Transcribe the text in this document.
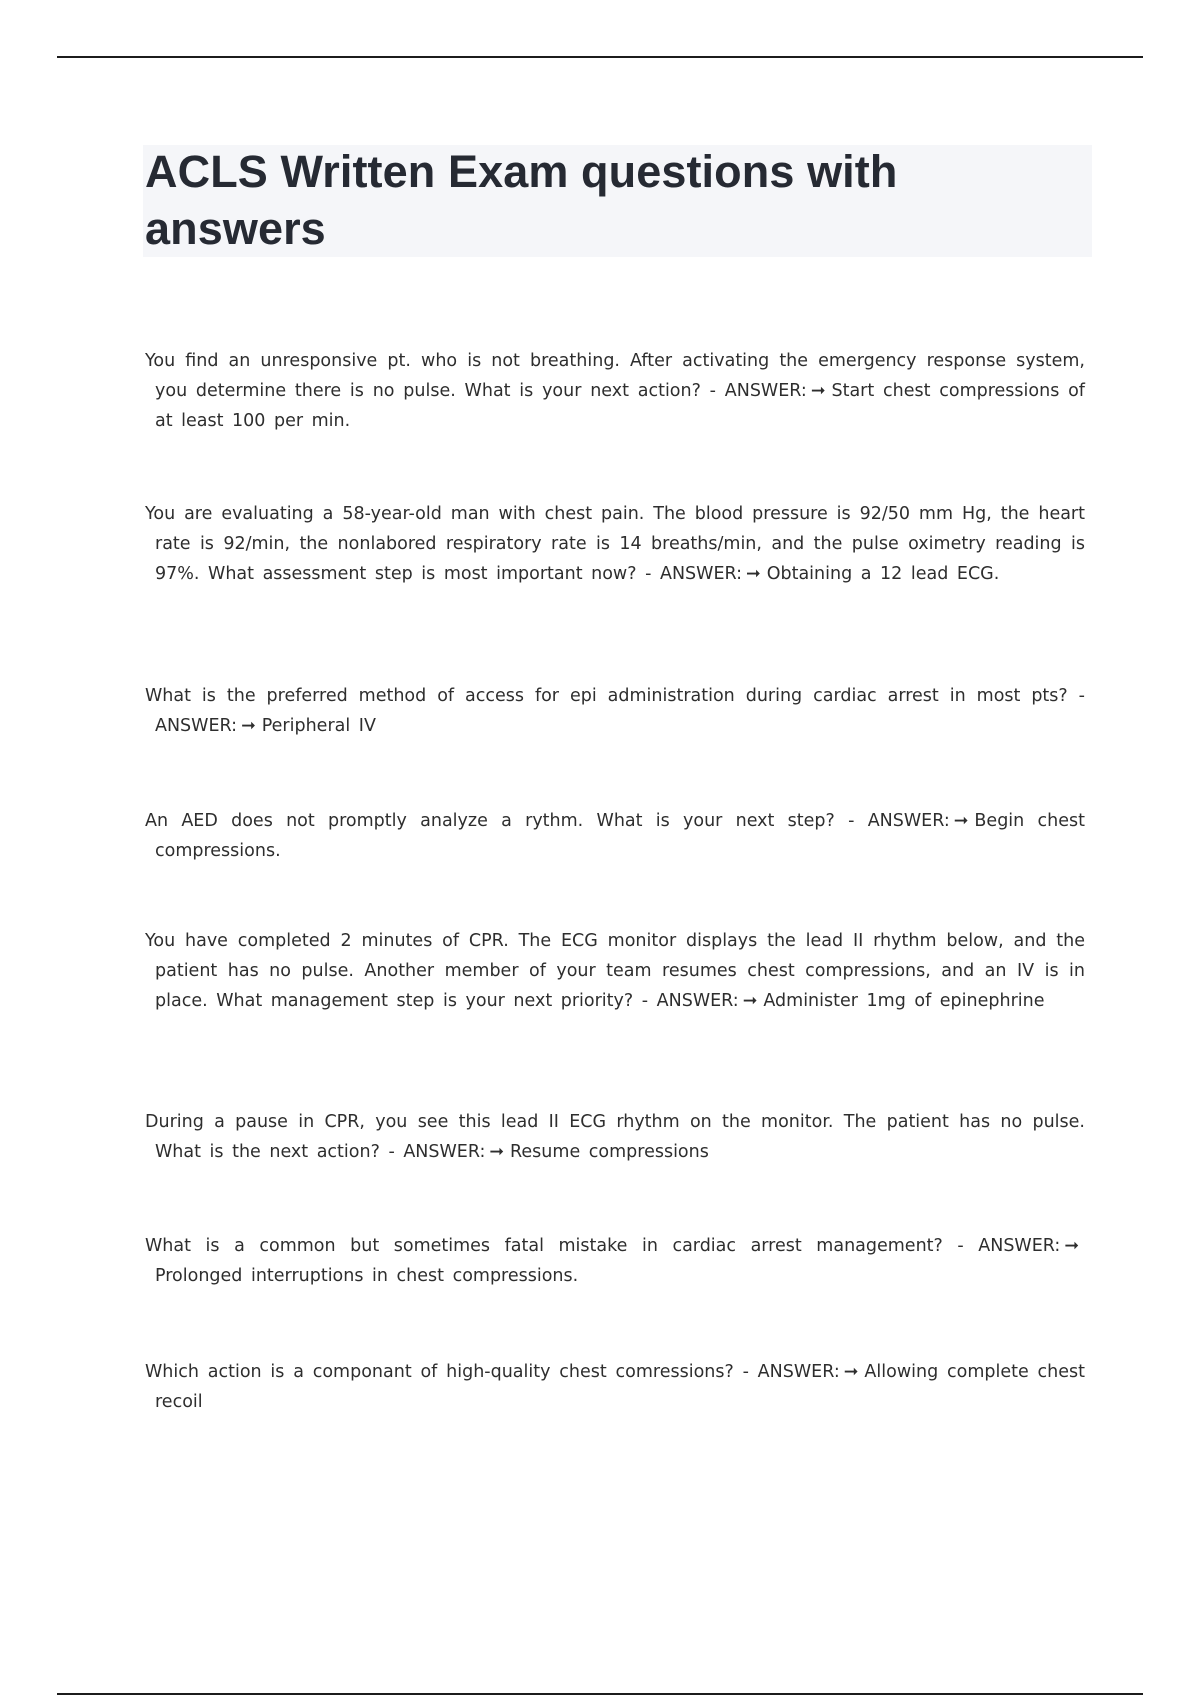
ACLS Written Exam questions with answers

You find an unresponsive pt. who is not breathing. After activating the emergency response system, you determine there is no pulse. What is your next action? - ANSWER: ➞ Start chest compressions of at least 100 per min.

You are evaluating a 58-year-old man with chest pain. The blood pressure is 92/50 mm Hg, the heart rate is 92/min, the nonlabored respiratory rate is 14 breaths/min, and the pulse oximetry reading is 97%. What assessment step is most important now? - ANSWER: ➞ Obtaining a 12 lead ECG.

What is the preferred method of access for epi administration during cardiac arrest in most pts? - ANSWER: ➞ Peripheral IV

An AED does not promptly analyze a rythm. What is your next step? - ANSWER: ➞ Begin chest compressions.

You have completed 2 minutes of CPR. The ECG monitor displays the lead II rhythm below, and the patient has no pulse. Another member of your team resumes chest compressions, and an IV is in place. What management step is your next priority? - ANSWER: ➞ Administer 1mg of epinephrine

During a pause in CPR, you see this lead II ECG rhythm on the monitor. The patient has no pulse. What is the next action? - ANSWER: ➞ Resume compressions

What is a common but sometimes fatal mistake in cardiac arrest management? - ANSWER: ➞Prolonged interruptions in chest compressions.

Which action is a componant of high-quality chest comressions? - ANSWER: ➞ Allowing complete chest recoil
